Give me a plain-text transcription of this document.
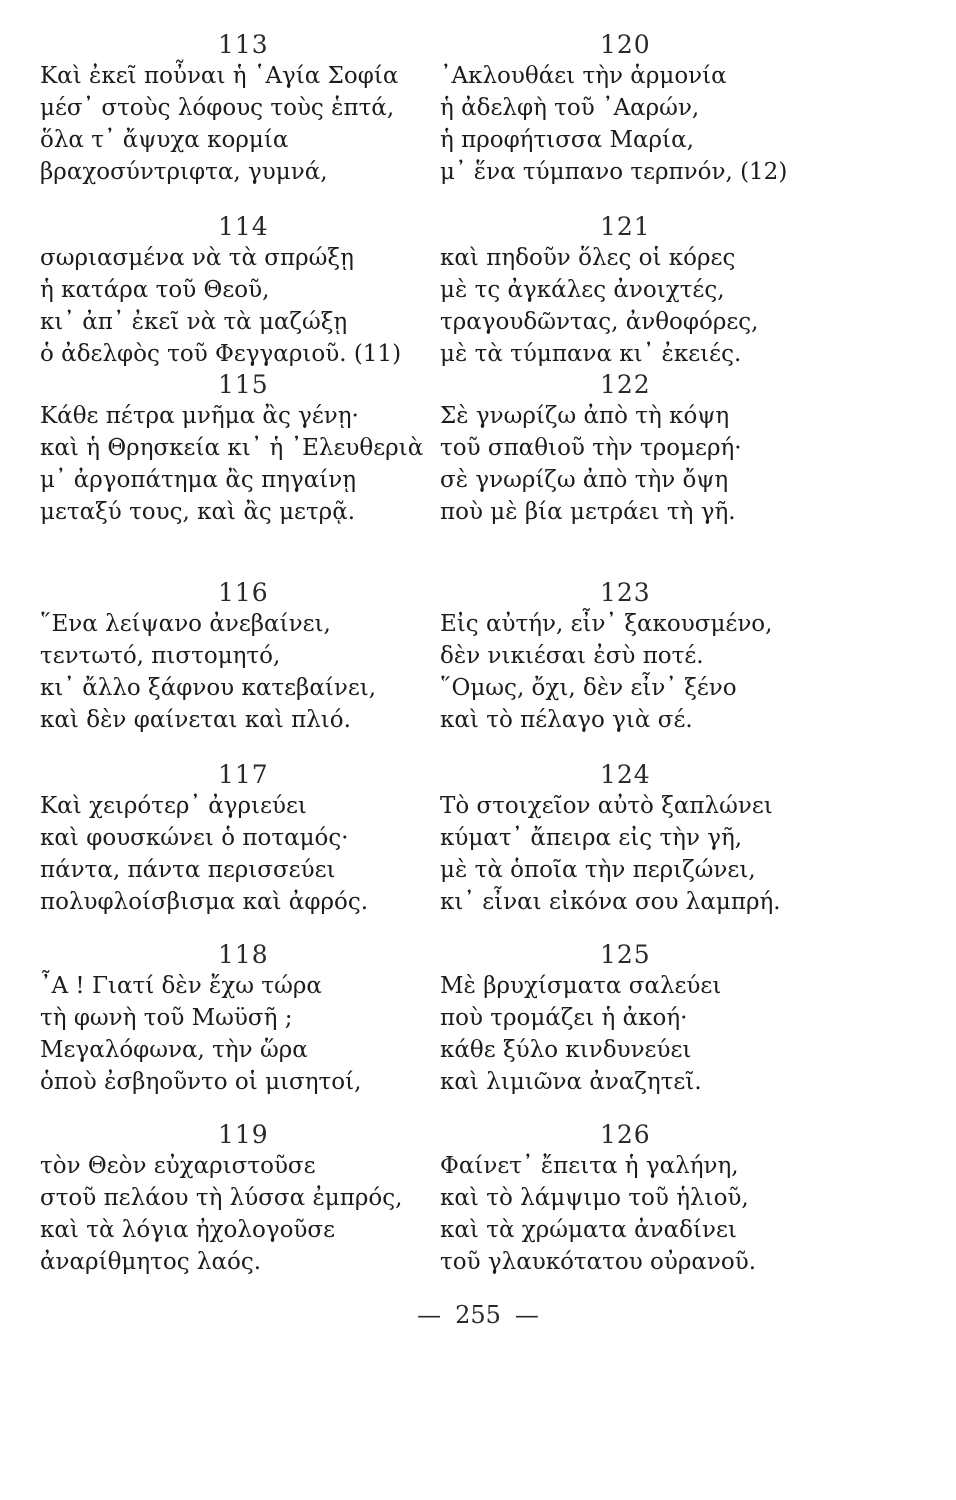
113
Καὶ ἐκεῖ ποὖναι ἡ ῾Αγία Σοφία
μέσ᾽ στοὺς λόφους τοὺς ἑπτά,
ὅλα τ᾽ ἄψυχα κορμία
βραχοσύντριφτα, γυμνά,
114
σωριασμένα νὰ τὰ σπρώξῃ
ἡ κατάρα τοῦ Θεοῦ,
κι᾽ ἀπ᾽ ἐκεῖ νὰ τὰ μαζώξῃ
ὁ ἀδελφὸς τοῦ Φεγγαριοῦ. (11)
115
Κάθε πέτρα μνῆμα ἂς γένῃ·
καὶ ἡ Θρησκεία κι᾽ ἡ ᾽Ελευθεριὰ
μ᾽ ἀργοπάτημα ἂς πηγαίνῃ
μεταξύ τους, καὶ ἂς μετρᾷ.
116
῞Ενα λείψανο ἀνεβαίνει,
τεντωτό, πιστομητό,
κι᾽ ἄλλο ξάφνου κατεβαίνει,
καὶ δὲν φαίνεται καὶ πλιό.
117
Καὶ χειρότερ᾽ ἀγριεύει
καὶ φουσκώνει ὁ ποταμός·
πάντα, πάντα περισσεύει
πολυφλοίσβισμα καὶ ἀφρός.
118
῏Α ! Γιατί δὲν ἔχω τώρα
τὴ φωνὴ τοῦ Μωϋσῆ ;
Μεγαλόφωνα, τὴν ὥρα
ὁποὺ ἐσβηοῦντο οἱ μισητοί,
119
τὸν Θεὸν εὐχαριστοῦσε
στοῦ πελάου τὴ λύσσα ἐμπρός,
καὶ τὰ λόγια ἠχολογοῦσε
ἀναρίθμητος λαός.
120
᾽Ακλουθάει τὴν ἁρμονία
ἡ ἀδελφὴ τοῦ ᾽Ααρών,
ἡ προφήτισσα Μαρία,
μ᾽ ἕνα τύμπανο τερπνόν, (12)
121
καὶ πηδοῦν ὅλες οἱ κόρες
μὲ τς ἀγκάλες ἀνοιχτές,
τραγουδῶντας, ἀνθοφόρες,
μὲ τὰ τύμπανα κι᾽ ἐκειές.
122
Σὲ γνωρίζω ἀπὸ τὴ κόψη
τοῦ σπαθιοῦ τὴν τρομερή·
σὲ γνωρίζω ἀπὸ τὴν ὄψη
ποὺ μὲ βία μετράει τὴ γῆ.
123
Εἰς αὐτήν, εἶν᾽ ξακουσμένο,
δὲν νικιέσαι ἐσὺ ποτέ.
῞Ομως, ὄχι, δὲν εἶν᾽ ξένο
καὶ τὸ πέλαγο γιὰ σέ.
124
Τὸ στοιχεῖον αὐτὸ ξαπλώνει
κύματ᾽ ἄπειρα εἰς τὴν γῆ,
μὲ τὰ ὁποῖα τὴν περιζώνει,
κι᾽ εἶναι εἰκόνα σου λαμπρή.
125
Μὲ βρυχίσματα σαλεύει
ποὺ τρομάζει ἡ ἀκοή·
κάθε ξύλο κινδυνεύει
καὶ λιμιῶνα ἀναζητεῖ.
126
Φαίνετ᾽ ἔπειτα ἡ γαλήνη,
καὶ τὸ λάμψιμο τοῦ ἡλιοῦ,
καὶ τὰ χρώματα ἀναδίνει
τοῦ γλαυκότατου οὐρανοῦ.
— 255 —
